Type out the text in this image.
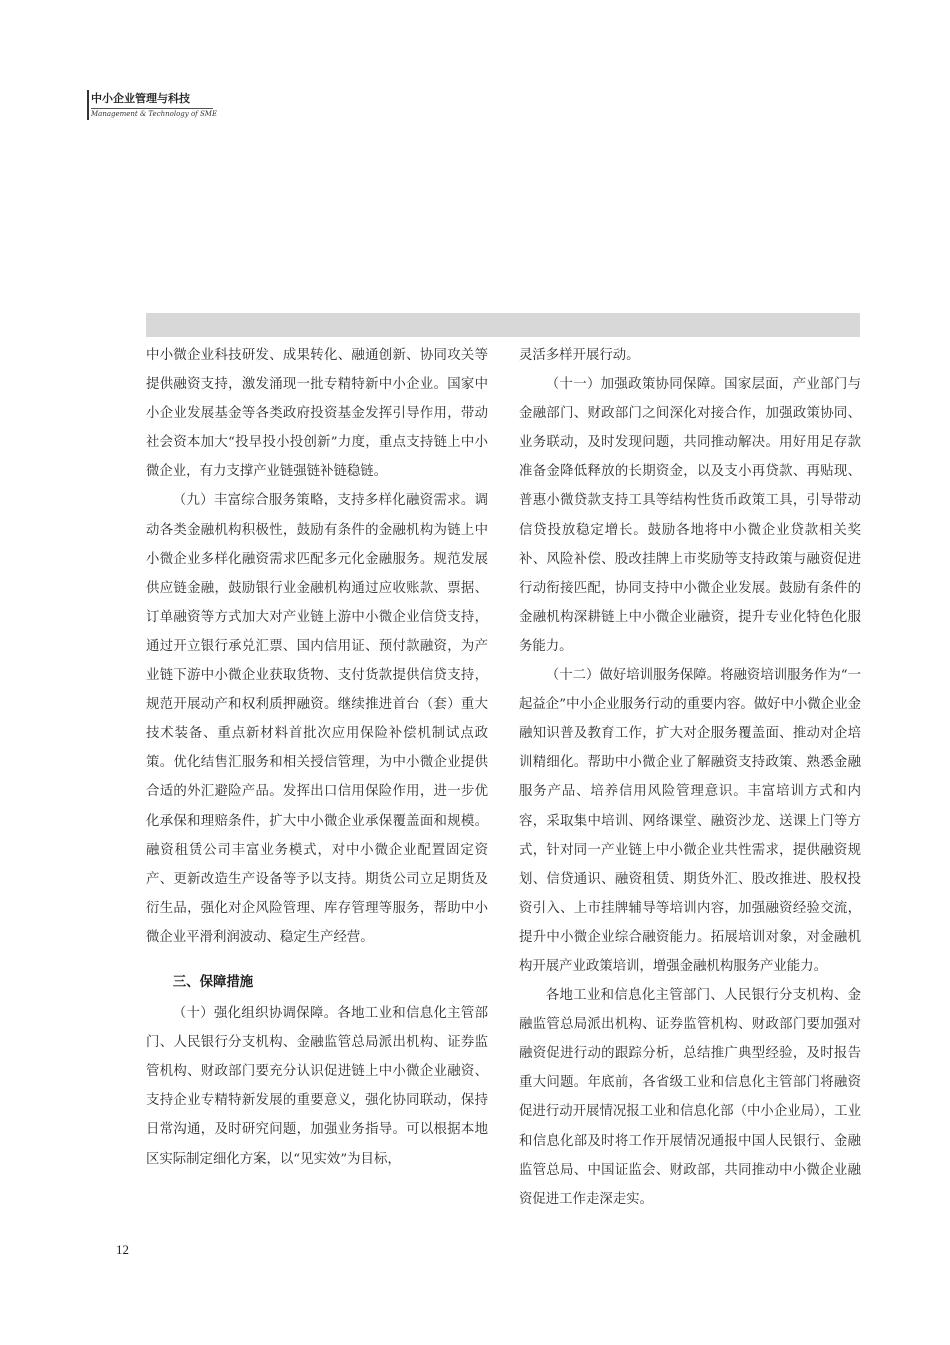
中小企业管理与科技
Management & Technology of SME

中小微企业科技研发、成果转化、融通创新、协同攻关等提供融资支持，激发涌现一批专精特新中小企业。国家中小企业发展基金等各类政府投资基金发挥引导作用，带动社会资本加大“投早投小投创新”力度，重点支持链上中小微企业，有力支撑产业链强链补链稳链。

（九）丰富综合服务策略，支持多样化融资需求。调动各类金融机构积极性，鼓励有条件的金融机构为链上中小微企业多样化融资需求匹配多元化金融服务。规范发展供应链金融，鼓励银行业金融机构通过应收账款、票据、订单融资等方式加大对产业链上游中小微企业信贷支持，通过开立银行承兑汇票、国内信用证、预付款融资，为产业链下游中小微企业获取货物、支付货款提供信贷支持，规范开展动产和权利质押融资。继续推进首台（套）重大技术装备、重点新材料首批次应用保险补偿机制试点政策。优化结售汇服务和相关授信管理，为中小微企业提供合适的外汇避险产品。发挥出口信用保险作用，进一步优化承保和理赔条件，扩大中小微企业承保覆盖面和规模。融资租赁公司丰富业务模式，对中小微企业配置固定资产、更新改造生产设备等予以支持。期货公司立足期货及衍生品，强化对企风险管理、库存管理等服务，帮助中小微企业平滑利润波动、稳定生产经营。

三、保障措施

（十）强化组织协调保障。各地工业和信息化主管部门、人民银行分支机构、金融监管总局派出机构、证券监管机构、财政部门要充分认识促进链上中小微企业融资、支持企业专精特新发展的重要意义，强化协同联动，保持日常沟通，及时研究问题，加强业务指导。可以根据本地区实际制定细化方案，以“见实效”为目标，

灵活多样开展行动。

（十一）加强政策协同保障。国家层面，产业部门与金融部门、财政部门之间深化对接合作，加强政策协同、业务联动，及时发现问题，共同推动解决。用好用足存款准备金降低释放的长期资金，以及支小再贷款、再贴现、普惠小微贷款支持工具等结构性货币政策工具，引导带动信贷投放稳定增长。鼓励各地将中小微企业贷款相关奖补、风险补偿、股改挂牌上市奖励等支持政策与融资促进行动衔接匹配，协同支持中小微企业发展。鼓励有条件的金融机构深耕链上中小微企业融资，提升专业化特色化服务能力。

（十二）做好培训服务保障。将融资培训服务作为“一起益企”中小企业服务行动的重要内容。做好中小微企业金融知识普及教育工作，扩大对企服务覆盖面、推动对企培训精细化。帮助中小微企业了解融资支持政策、熟悉金融服务产品、培养信用风险管理意识。丰富培训方式和内容，采取集中培训、网络课堂、融资沙龙、送课上门等方式，针对同一产业链上中小微企业共性需求，提供融资规划、信贷通识、融资租赁、期货外汇、股改推进、股权投资引入、上市挂牌辅导等培训内容，加强融资经验交流，提升中小微企业综合融资能力。拓展培训对象，对金融机构开展产业政策培训，增强金融机构服务产业能力。

各地工业和信息化主管部门、人民银行分支机构、金融监管总局派出机构、证券监管机构、财政部门要加强对融资促进行动的跟踪分析，总结推广典型经验，及时报告重大问题。年底前，各省级工业和信息化主管部门将融资促进行动开展情况报工业和信息化部（中小企业局），工业和信息化部及时将工作开展情况通报中国人民银行、金融监管总局、中国证监会、财政部，共同推动中小微企业融资促进工作走深走实。

12
